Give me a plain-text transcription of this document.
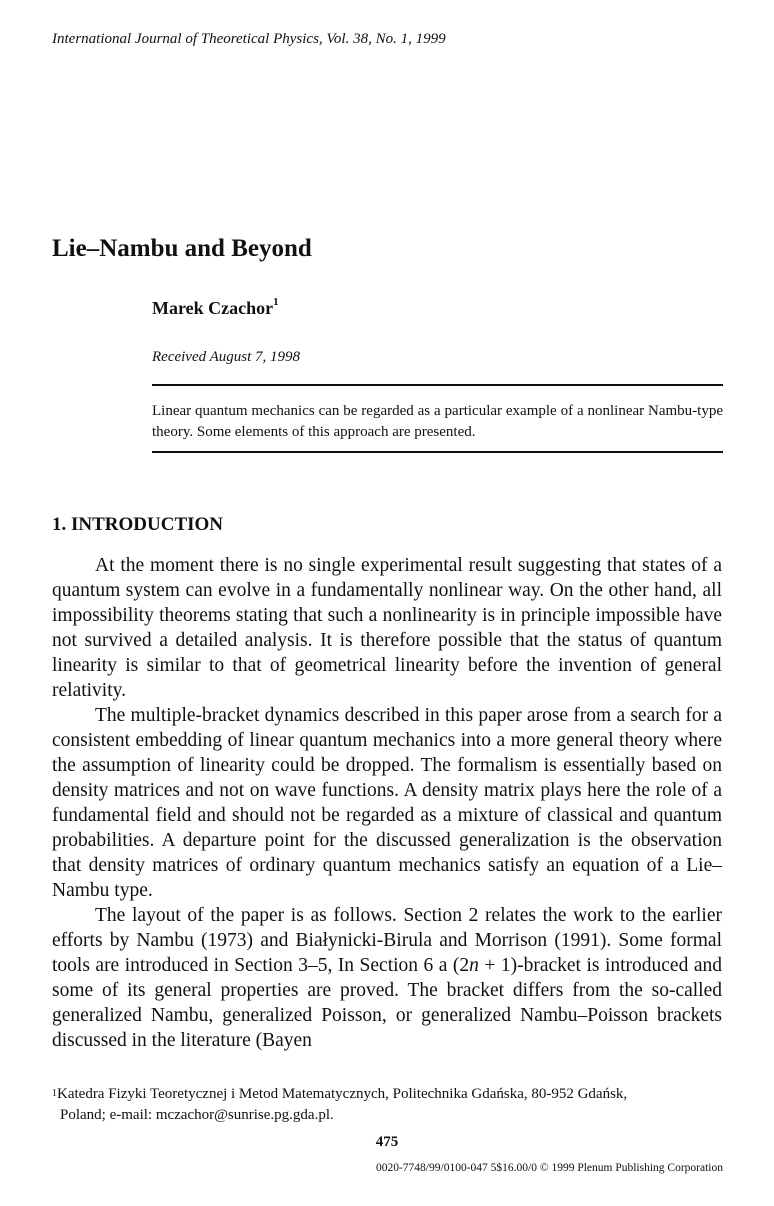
International Journal of Theoretical Physics, Vol. 38, No. 1, 1999
Lie–Nambu and Beyond
Marek Czachor$^1$
Received August 7, 1998

Linear quantum mechanics can be regarded as a particular example of a nonlinear Nambu-type theory. Some elements of this approach are presented.

1. INTRODUCTION

At the moment there is no single experimental result suggesting that states of a quantum system can evolve in a fundamentally nonlinear way. On the other hand, all impossibility theorems stating that such a nonlinearity is in principle impossible have not survived a detailed analysis. It is therefore possible that the status of quantum linearity is similar to that of geometrical linearity before the invention of general relativity.

The multiple-bracket dynamics described in this paper arose from a search for a consistent embedding of linear quantum mechanics into a more general theory where the assumption of linearity could be dropped. The formalism is essentially based on density matrices and not on wave functions. A density matrix plays here the role of a fundamental field and should not be regarded as a mixture of classical and quantum probabilities. A departure point for the discussed generalization is the observation that density matrices of ordinary quantum mechanics satisfy an equation of a Lie–Nambu type.

The layout of the paper is as follows. Section 2 relates the work to the earlier efforts by Nambu (1973) and Białynicki-Birula and Morrison (1991). Some formal tools are introduced in Section 3–5, In Section 6 a (2n + 1)-bracket is introduced and some of its general properties are proved. The bracket differs from the so-called generalized Nambu, generalized Poisson, or generalized Nambu–Poisson brackets discussed in the literature (Bayen

$^1$Katedra Fizyki Teoretycznej i Metod Matematycznych, Politechnika Gdańska, 80-952 Gdańsk,
Poland; e-mail: mczachor@sunrise.pg.gda.pl.
475
0020-7748/99/0100-047 5$16.00/0 © 1999 Plenum Publishing Corporation
